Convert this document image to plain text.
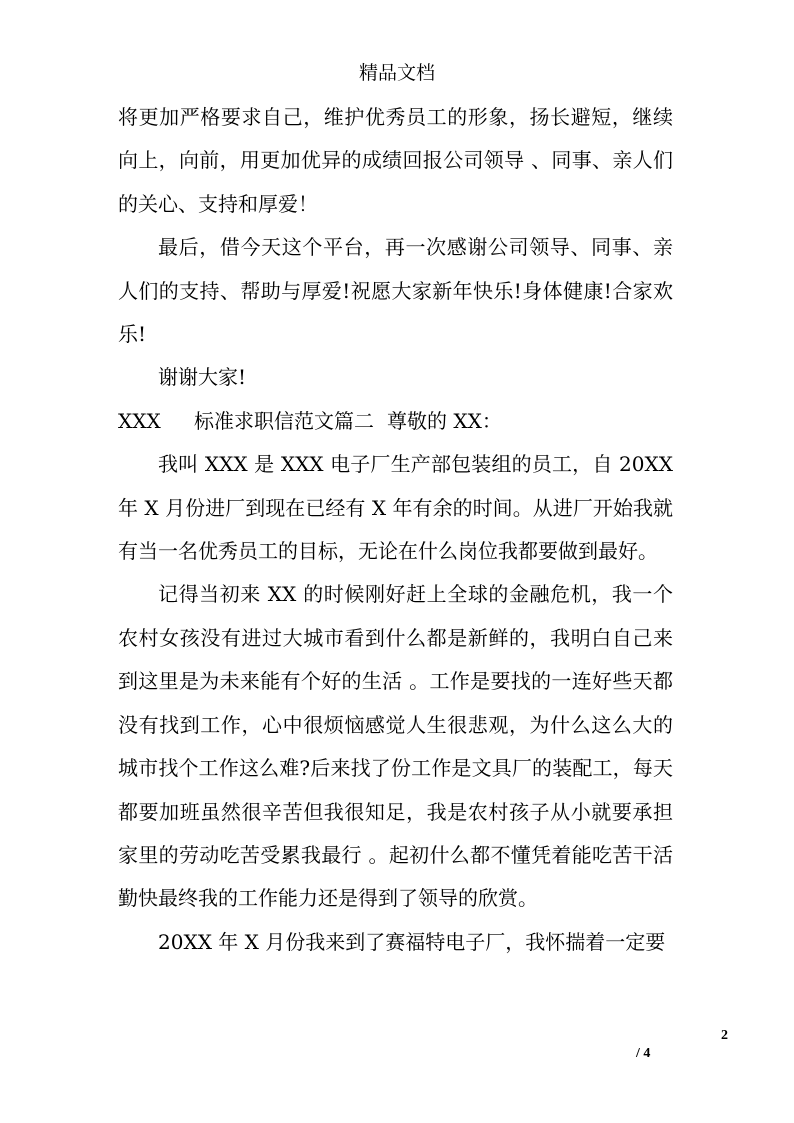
精品文档

将更加严格要求自己，维护优秀员工的形象，扬长避短，继续向上，向前，用更加优异的成绩回报公司领导 、同事、亲人们的关心、支持和厚爱！

最后，借今天这个平台，再一次感谢公司领导、同事、亲人们的支持、帮助与厚爱!祝愿大家新年快乐!身体健康!合家欢乐!

谢谢大家!

XXX	标准求职信范文篇二 尊敬的 XX：

我叫 XXX 是 XXX 电子厂生产部包装组的员工，自 20XX 年 X 月份进厂到现在已经有 X 年有余的时间。从进厂开始我就有当一名优秀员工的目标，无论在什么岗位我都要做到最好。

记得当初来 XX 的时候刚好赶上全球的金融危机，我一个农村女孩没有进过大城市看到什么都是新鲜的，我明白自己来到这里是为未来能有个好的生活 。工作是要找的一连好些天都没有找到工作，心中很烦恼感觉人生很悲观，为什么这么大的城市找个工作这么难?后来找了份工作是文具厂的装配工，每天都要加班虽然很辛苦但我很知足，我是农村孩子从小就要承担家里的劳动吃苦受累我最行 。起初什么都不懂凭着能吃苦干活勤快最终我的工作能力还是得到了领导的欣赏。

20XX 年 X 月份我来到了赛福特电子厂，我怀揣着一定要

2
/ 4
